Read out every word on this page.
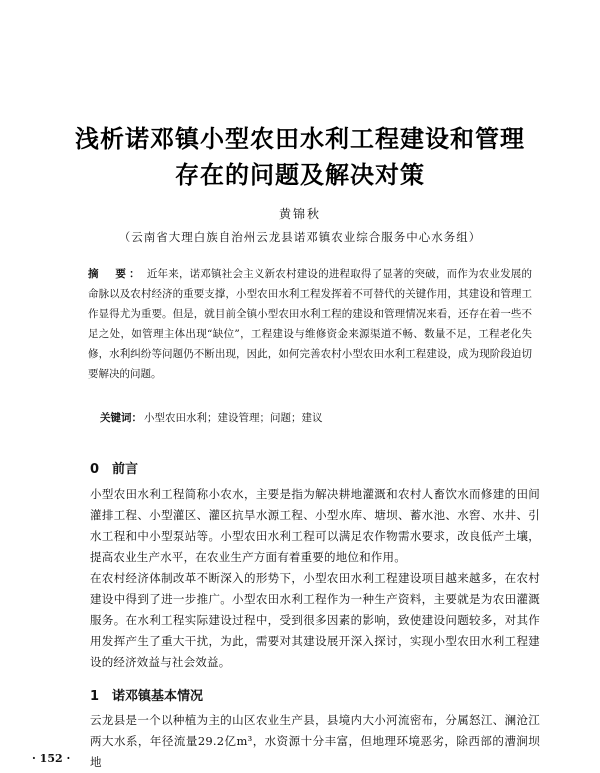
浅析诺邓镇小型农田水利工程建设和管理
存在的问题及解决对策
黄锦秋
（云南省大理白族自治州云龙县诺邓镇农业综合服务中心水务组）
摘　要： 近年来，诺邓镇社会主义新农村建设的进程取得了显著的突破，而作为农业发展的命脉以及农村经济的重要支撑，小型农田水利工程发挥着不可替代的关键作用，其建设和管理工作显得尤为重要。但是，就目前全镇小型农田水利工程的建设和管理情况来看，还存在着一些不足之处，如管理主体出现“缺位”，工程建设与维修资金来源渠道不畅、数量不足，工程老化失修，水利纠纷等问题仍不断出现，因此，如何完善农村小型农田水利工程建设，成为现阶段迫切要解决的问题。
关键词： 小型农田水利；建设管理；问题；建议
0 前言
小型农田水利工程简称小农水，主要是指为解决耕地灌溉和农村人畜饮水而修建的田间灌排工程、小型灌区、灌区抗旱水源工程、小型水库、塘坝、蓄水池、水窖、水井、引水工程和中小型泵站等。小型农田水利工程可以满足农作物需水要求，改良低产土壤，提高农业生产水平，在农业生产方面有着重要的地位和作用。
在农村经济体制改革不断深入的形势下，小型农田水利工程建设项目越来越多，在农村建设中得到了进一步推广。小型农田水利工程作为一种生产资料，主要就是为农田灌溉服务。在水利工程实际建设过程中，受到很多因素的影响，致使建设问题较多，对其作用发挥产生了重大干扰，为此，需要对其建设展开深入探讨，实现小型农田水利工程建设的经济效益与社会效益。
1 诺邓镇基本情况
云龙县是一个以种植为主的山区农业生产县，县境内大小河流密布，分属怒江、澜沧江两大水系，年径流量29.2亿m³，水资源十分丰富，但地理环境恶劣，除西部的漕涧坝地
· 152 ·
